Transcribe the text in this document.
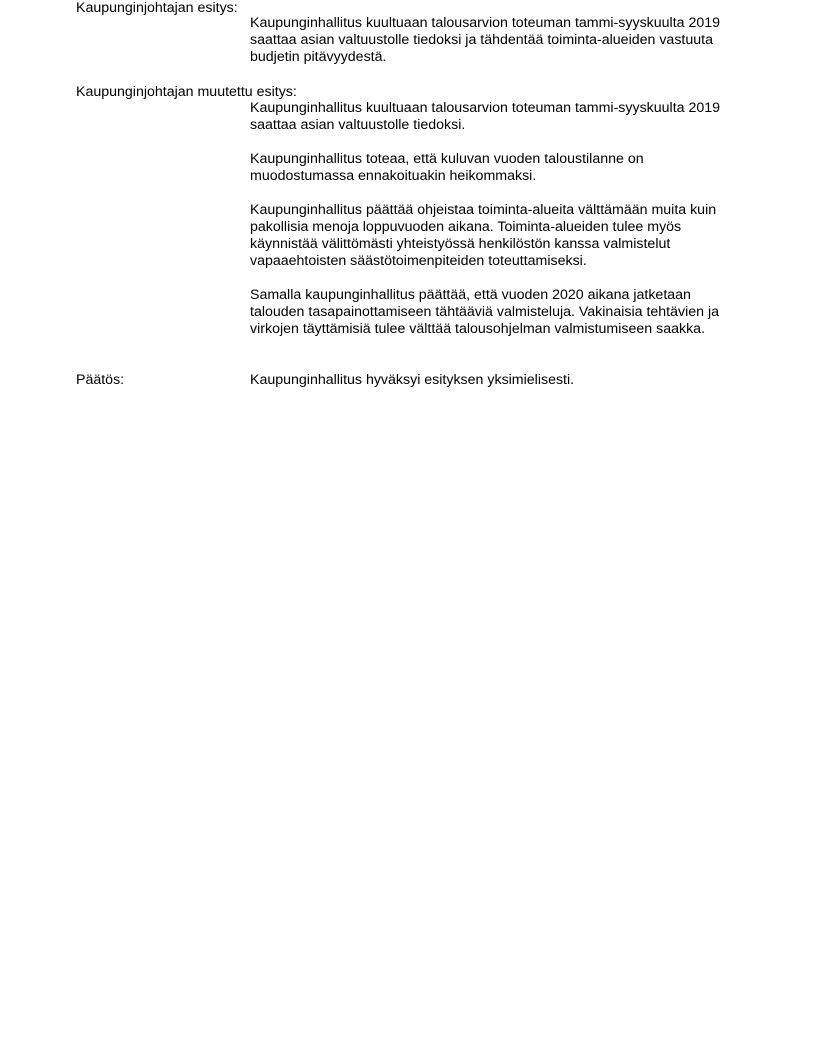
Kaupunginjohtajan esitys:

Kaupunginhallitus kuultuaan talousarvion toteuman tammi-syyskuulta 2019 saattaa asian valtuustolle tiedoksi ja tähdentää toiminta-alueiden vastuuta budjetin pitävyydestä.

Kaupunginjohtajan muutettu esitys:

Kaupunginhallitus kuultuaan talousarvion toteuman tammi-syyskuulta 2019 saattaa asian valtuustolle tiedoksi.

Kaupunginhallitus toteaa, että kuluvan vuoden taloustilanne on muodostumassa ennakoituakin heikommaksi.

Kaupunginhallitus päättää ohjeistaa toiminta-alueita välttämään muita kuin pakollisia menoja loppuvuoden aikana. Toiminta-alueiden tulee myös käynnistää välittömästi yhteistyössä henkilöstön kanssa valmistelut vapaaehtoisten säästötoimenpiteiden toteuttamiseksi.

Samalla kaupunginhallitus päättää, että vuoden 2020 aikana jatketaan talouden tasapainottamiseen tähtääviä valmisteluja. Vakinaisia tehtävien ja virkojen täyttämisiä tulee välttää talousohjelman valmistumiseen saakka.

Päätös:	Kaupunginhallitus hyväksyi esityksen yksimielisesti.
